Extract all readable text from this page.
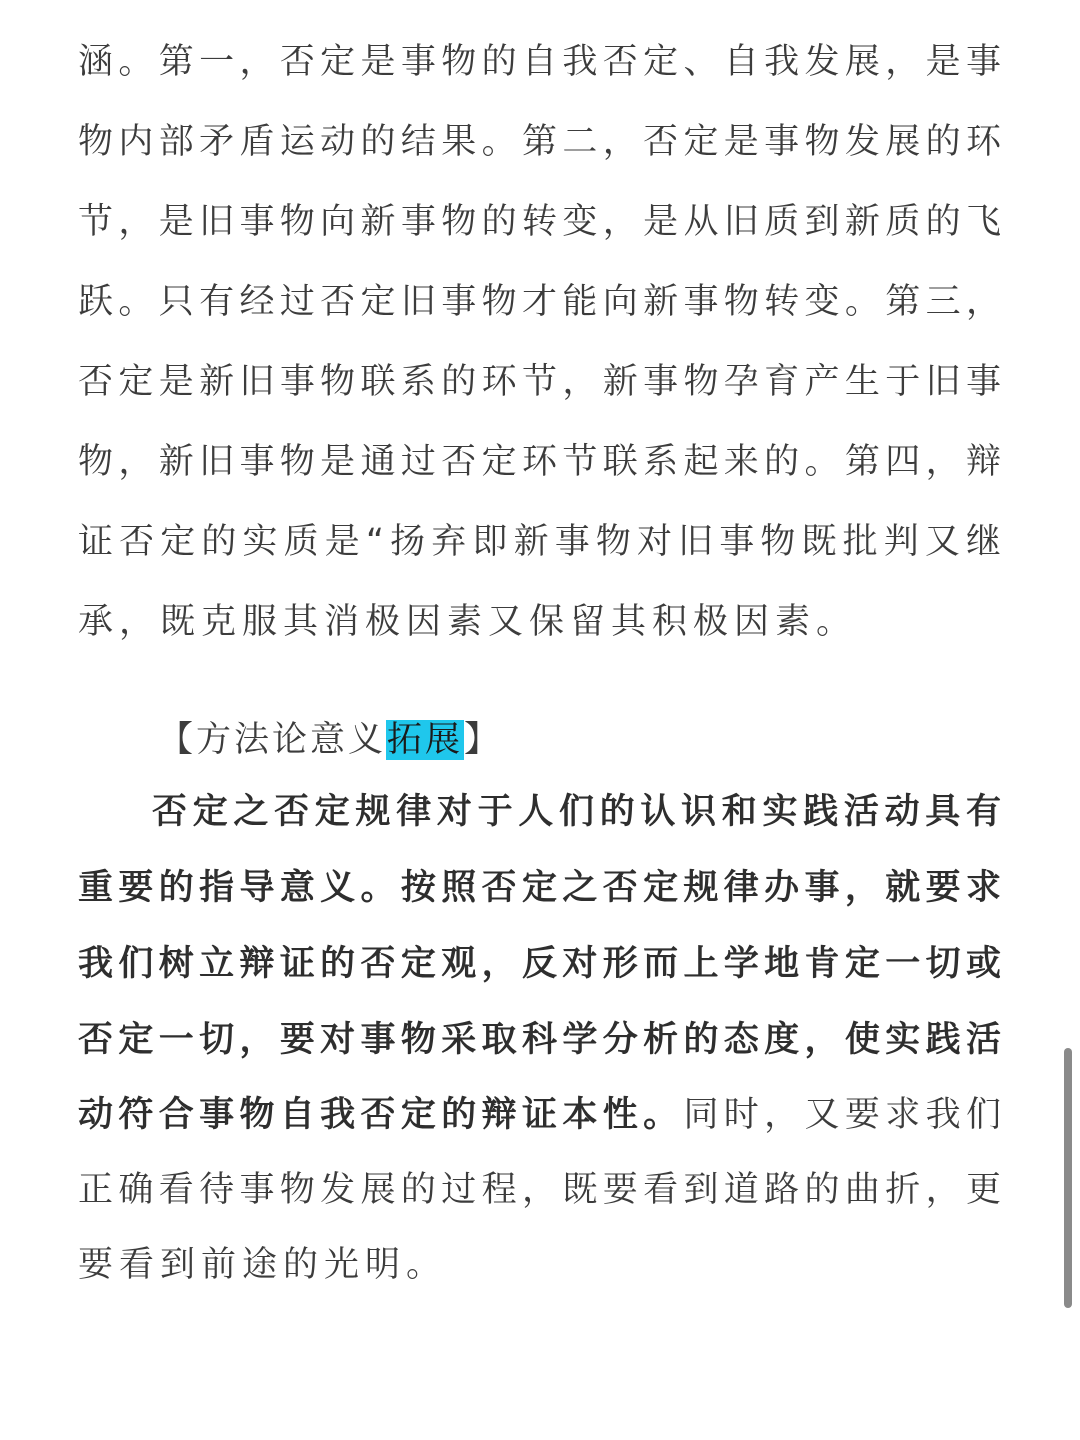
涵。第一，否定是事物的自我否定、自我发展，是事
物内部矛盾运动的结果。第二，否定是事物发展的环
节，是旧事物向新事物的转变，是从旧质到新质的飞
跃。只有经过否定旧事物才能向新事物转变。第三，
否定是新旧事物联系的环节，新事物孕育产生于旧事
物，新旧事物是通过否定环节联系起来的。第四，辩
证否定的实质是“扬弃即新事物对旧事物既批判又继
承，既克服其消极因素又保留其积极因素。
【方法论意义拓展】
否定之否定规律对于人们的认识和实践活动具有
重要的指导意义。按照否定之否定规律办事，就要求
我们树立辩证的否定观，反对形而上学地肯定一切或
否定一切，要对事物采取科学分析的态度，使实践活
动符合事物自我否定的辩证本性。同时，又要求我们
正确看待事物发展的过程，既要看到道路的曲折，更
要看到前途的光明。
